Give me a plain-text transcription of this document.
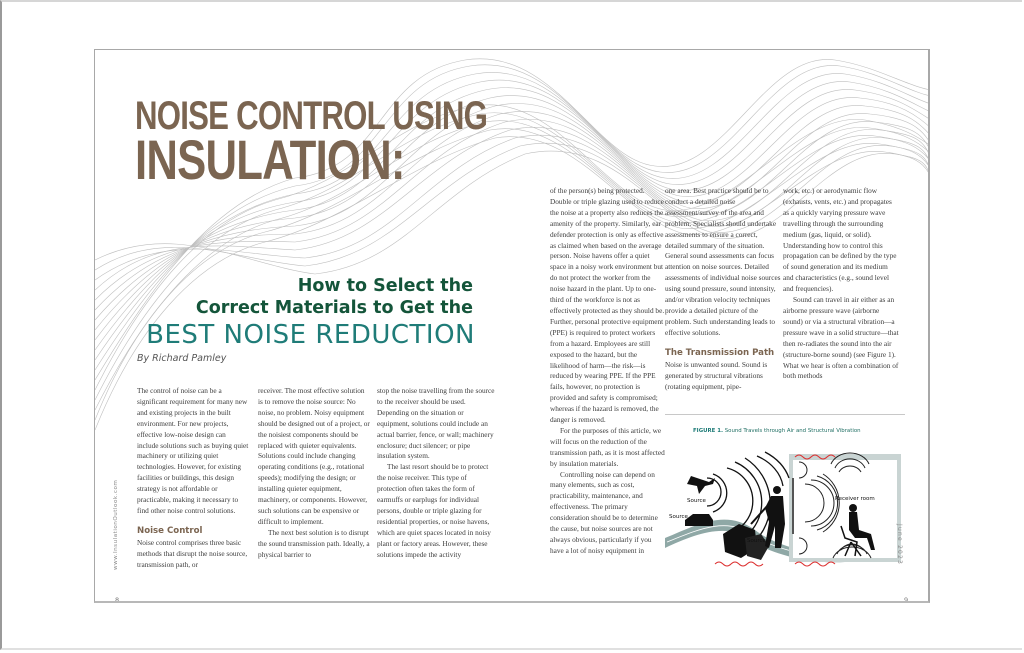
NOISE CONTROL USING
INSULATION:
How to Select the
Correct Materials to Get the
BEST NOISE REDUCTION
By Richard Pamley

The control of noise can be a significant requirement for many new and existing projects in the built environment. For new projects, effective low-noise design can include solutions such as buying quiet machinery or utilizing quiet technologies. However, for existing facilities or buildings, this design strategy is not affordable or practicable, making it necessary to find other noise control solutions.

Noise Control

Noise control comprises three basic methods that disrupt the noise source, transmission path, or

receiver. The most effective solution is to remove the noise source: No noise, no problem. Noisy equipment should be designed out of a project, or the noisiest components should be replaced with quieter equivalents. Solutions could include changing operating conditions (e.g., rotational speeds); modifying the design; or installing quieter equipment, machinery, or components. However, such solutions can be expensive or difficult to implement.

The next best solution is to disrupt the sound transmission path. Ideally, a physical barrier to

stop the noise travelling from the source to the receiver should be used. Depending on the situation or equipment, solutions could include an actual barrier, fence, or wall; machinery enclosure; duct silencer; or pipe insulation system.

The last resort should be to protect the noise receiver. This type of protection often takes the form of earmuffs or earplugs for individual persons, double or triple glazing for residential properties, or noise havens, which are quiet spaces located in noisy plant or factory areas. However, these solutions impede the activity

of the person(s) being protected. Double or triple glazing used to reduce the noise at a property also reduces the amenity of the property. Similarly, ear defender protection is only as effective as claimed when based on the average person. Noise havens offer a quiet space in a noisy work environment but do not protect the worker from the noise hazard in the plant. Up to one-third of the workforce is not as effectively protected as they should be. Further, personal protective equipment (PPE) is required to protect workers from a hazard. Employees are still exposed to the hazard, but the likelihood of harm—the risk—is reduced by wearing PPE. If the PPE fails, however, no protection is provided and safety is compromised; whereas if the hazard is removed, the danger is removed.

For the purposes of this article, we will focus on the reduction of the transmission path, as it is most affected by insulation materials.

Controlling noise can depend on many elements, such as cost, practicability, maintenance, and effectiveness. The primary consideration should be to determine the cause, but noise sources are not always obvious, particularly if you have a lot of noisy equipment in

one area. Best practice should be to conduct a detailed noise assessment/survey of the area and problem. Specialists should undertake assessments to ensure a correct, detailed summary of the situation. General sound assessments can focus attention on noise sources. Detailed assessments of individual noise sources using sound pressure, sound intensity, and/or vibration velocity techniques provide a detailed picture of the problem. Such understanding leads to effective solutions.

The Transmission Path

Noise is unwanted sound. Sound is generated by structural vibrations (rotating equipment, pipe-

work, etc.) or aerodynamic flow (exhausts, vents, etc.) and propagates as a quickly varying pressure wave travelling through the surrounding medium (gas, liquid, or solid). Understanding how to control this propagation can be defined by the type of sound generation and its medium and characteristics (e.g., sound level and frequencies).

Sound can travel in air either as an airborne pressure wave (airborne sound) or via a structural vibration—a pressure wave in a solid structure—that then re-radiates the sound into the air (structure-borne sound) (see Figure 1). What we hear is often a combination of both methods

FIGURE 1. Sound Travels through Air and Structural Vibration
Source
Source
Source
Receiver room
www.InsulationOutlook.com	June 2023
8	9
